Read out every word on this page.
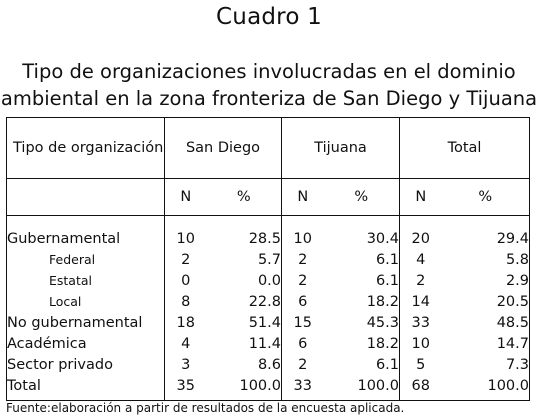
Cuadro 1
Tipo de organizaciones involucradas en el dominio
ambiental en la zona fronteriza de San Diego y Tijuana
Tipo de organización	San Diego		Tijuana		Total	
	N	%	N	%	N	%
Gubernamental	10	28.5	10	30.4	20	29.4
Federal	2	5.7	2	6.1	4	5.8
Estatal	0	0.0	2	6.1	2	2.9
Local	8	22.8	6	18.2	14	20.5
No gubernamental	18	51.4	15	45.3	33	48.5
Académica	4	11.4	6	18.2	10	14.7
Sector privado	3	8.6	2	6.1	5	7.3
Total	35	100.0	33	100.0	68	100.0
Fuente:elaboración a partir de resultados de la encuesta aplicada.
